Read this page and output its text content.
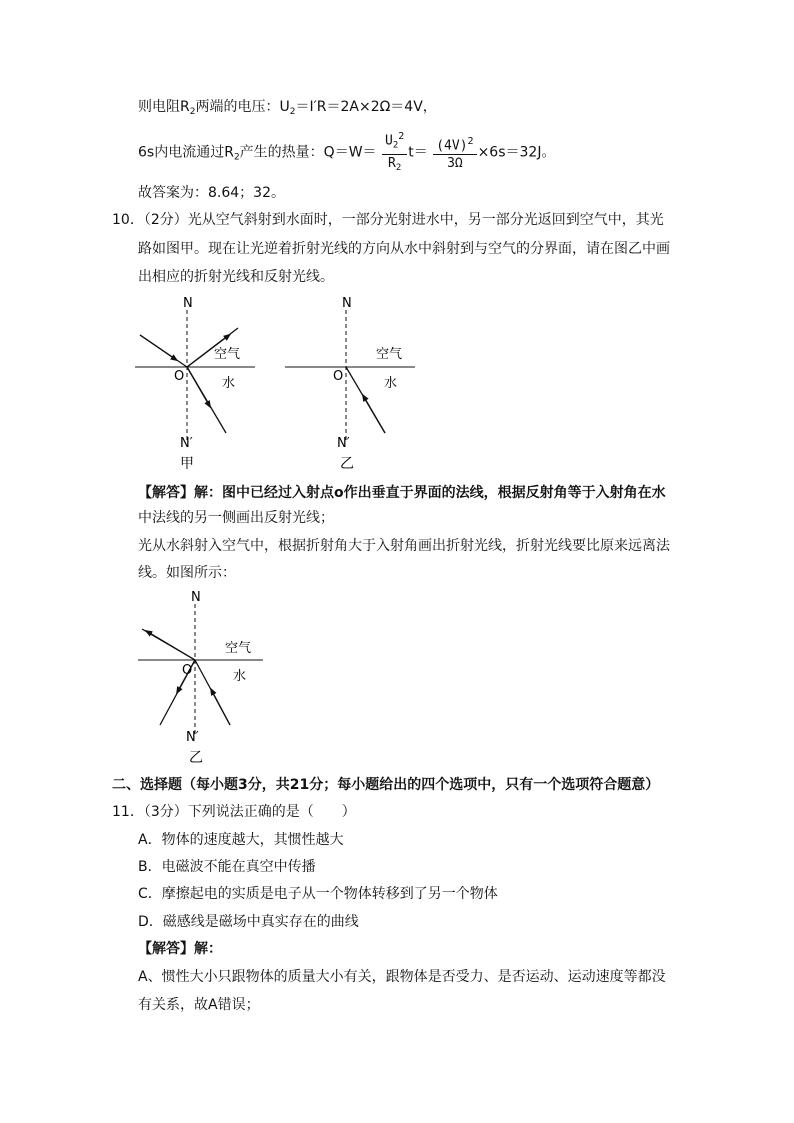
则电阻$R_2$两端的电压：$U_2=I'R=2A\times 2\Omega=4V$，
6s内电流通过$R_2$产生的热量：$Q=W= \frac{U_2^2}{R_2} t= \frac{(4V)^2}{3\Omega} \times 6s=32J$。
故答案为：8.64；32。
10．（2分）光从空气斜射到水面时，一部分光射进水中，另一部分光返回到空气中，其光
路如图甲。现在让光逆着折射光线的方向从水中斜射到与空气的分界面，请在图乙中画
出相应的折射光线和反射光线。
N
O
空气
水
N′
甲
N
O
空气
水
N′
乙
【解答】解：图中已经过入射点o作出垂直于界面的法线，根据反射角等于入射角在水
中法线的另一侧画出反射光线；
光从水斜射入空气中，根据折射角大于入射角画出折射光线，折射光线要比原来远离法
线。如图所示：
N
O
空气
水
N′
乙
二、选择题（每小题3分，共21分；每小题给出的四个选项中，只有一个选项符合题意）
11．（3分）下列说法正确的是（　　）
A．物体的速度越大，其惯性越大
B．电磁波不能在真空中传播
C．摩擦起电的实质是电子从一个物体转移到了另一个物体
D．磁感线是磁场中真实存在的曲线
【解答】解：
A、惯性大小只跟物体的质量大小有关，跟物体是否受力、是否运动、运动速度等都没
有关系，故A错误；
